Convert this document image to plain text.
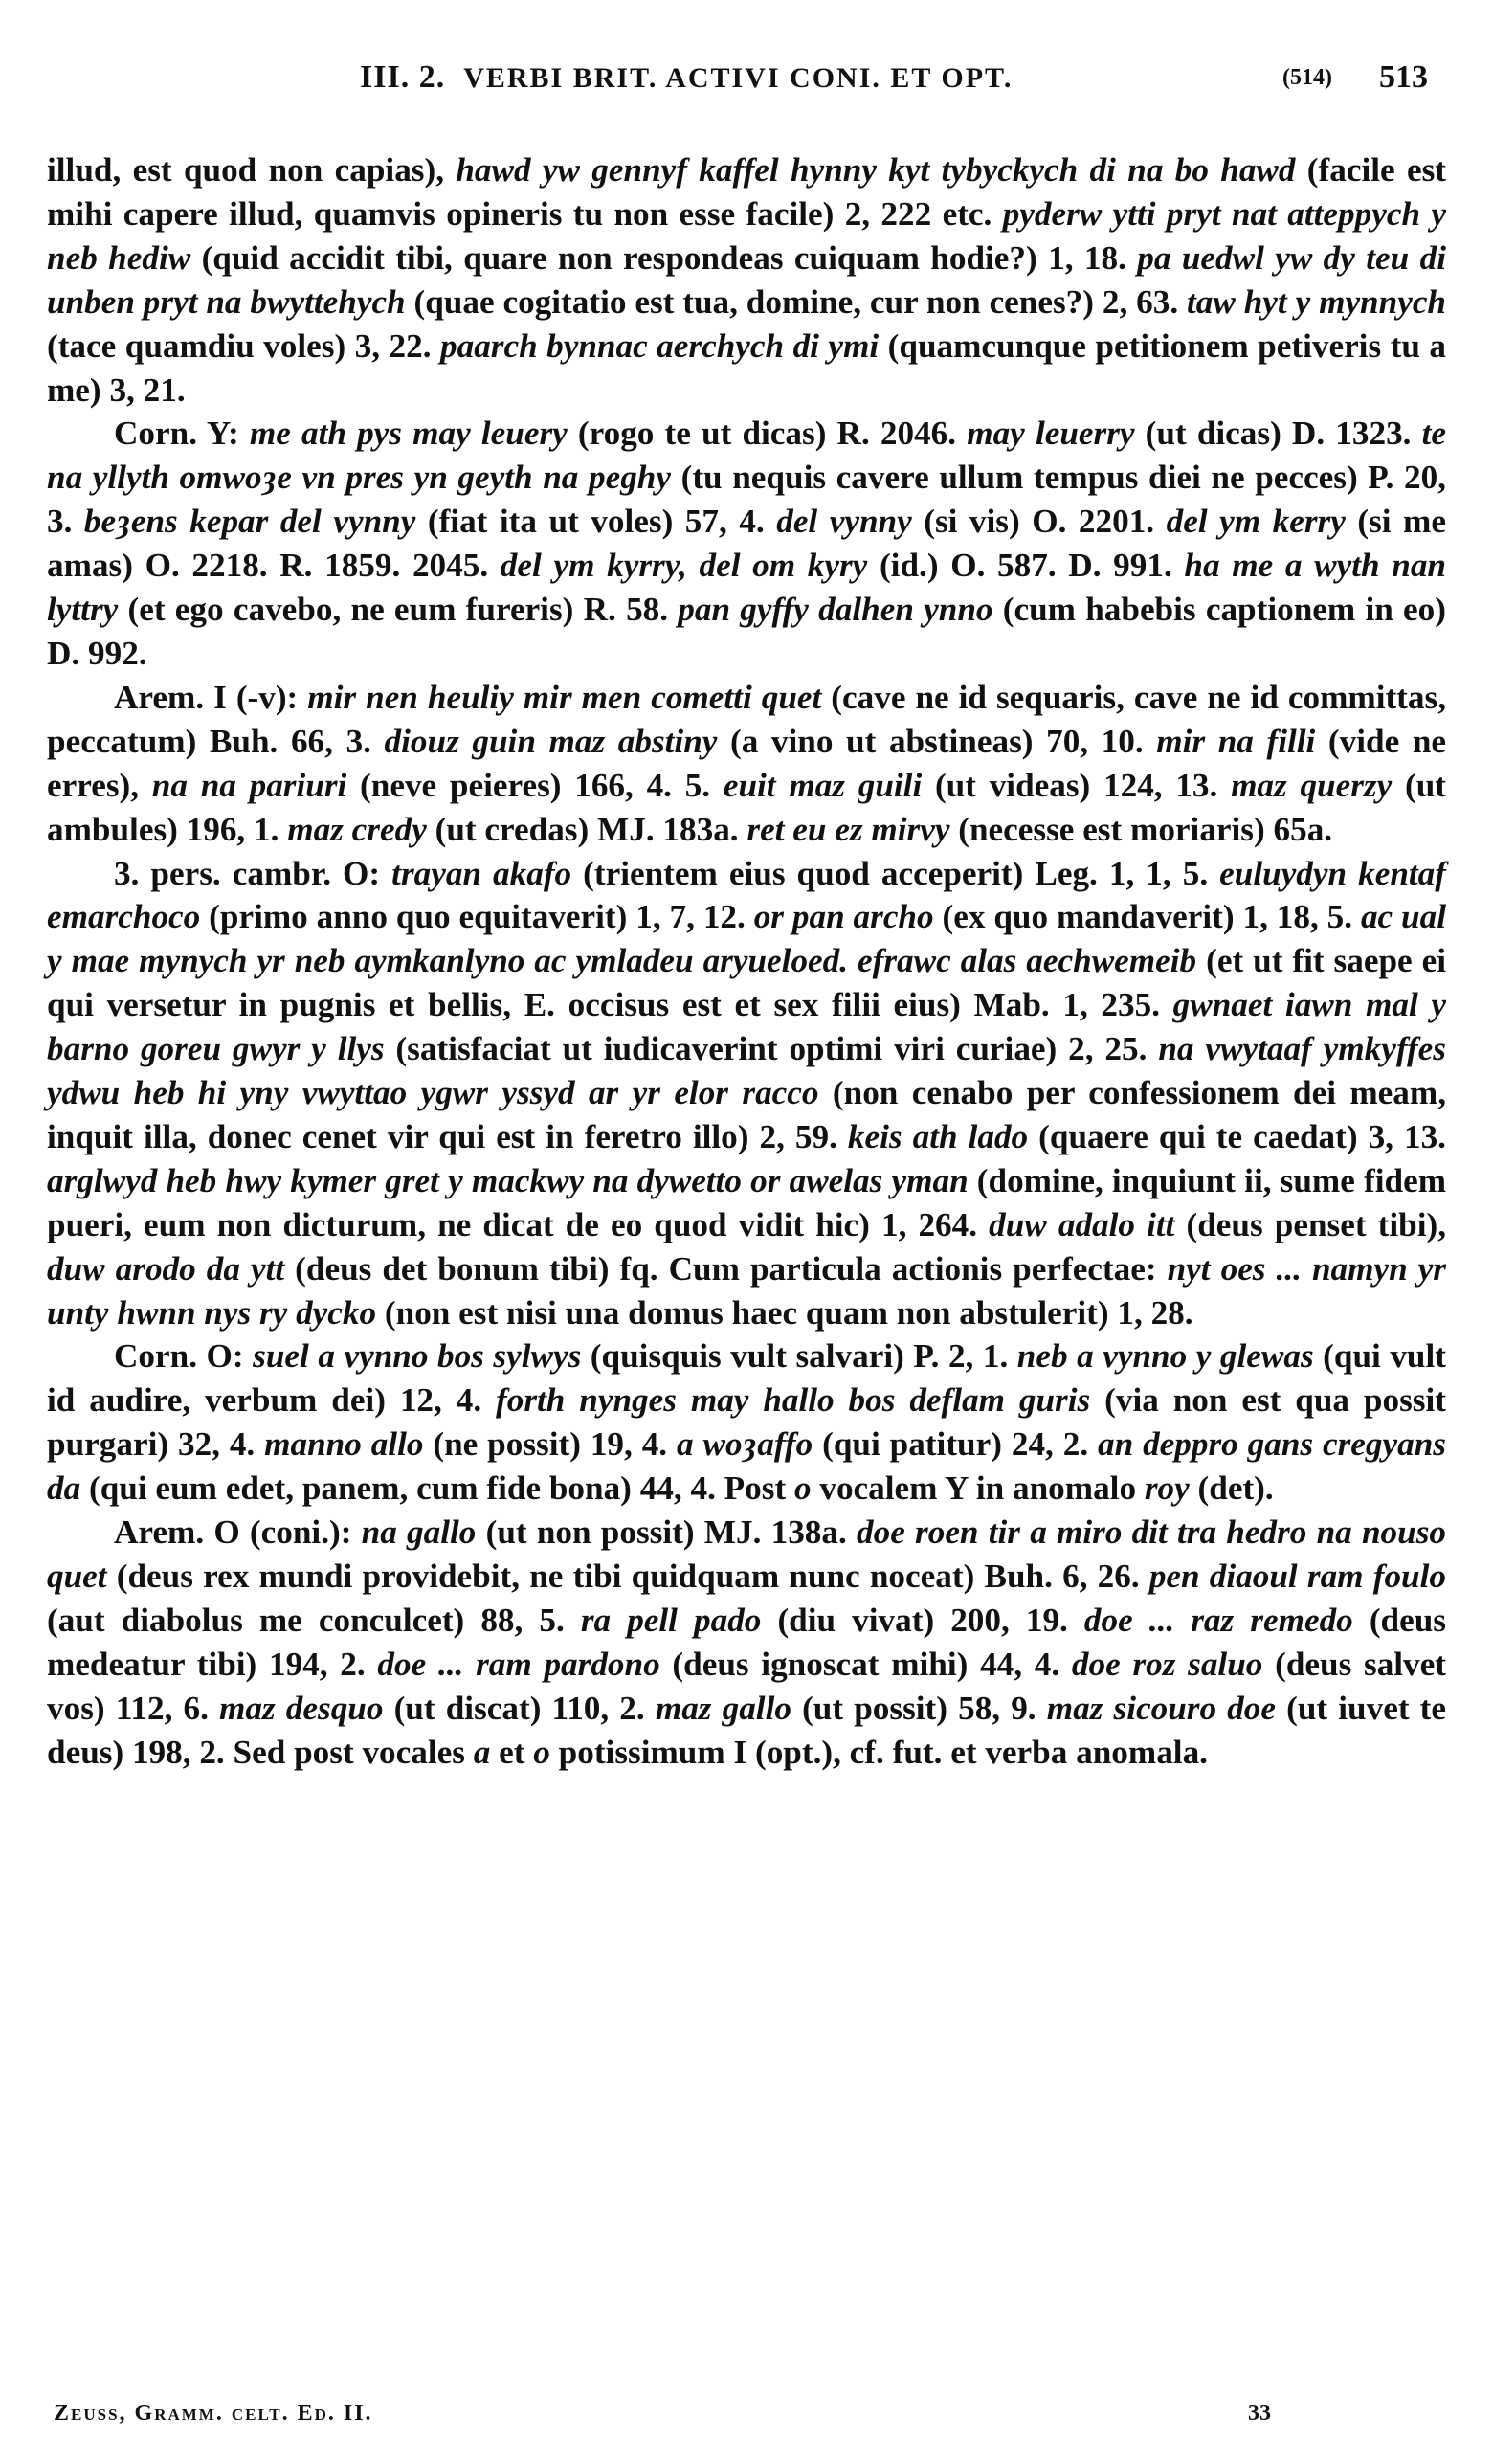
III. 2. VERBI BRIT. ACTIVI CONI. ET OPT.	(514) 513

illud, est quod non capias), hawd yw gennyf kaffel hynny kyt tybyckych di na bo hawd (facile est mihi capere illud, quamvis opineris tu non esse facile) 2, 222 etc. pyderw ytti pryt nat atteppych y neb hediw (quid accidit tibi, quare non respondeas cuiquam hodie?) 1, 18. pa uedwl yw dy teu di unben pryt na bwyttehych (quae cogitatio est tua, domine, cur non cenes?) 2, 63. taw hyt y mynnych (tace quamdiu voles) 3, 22. paarch bynnac aerchych di ymi (quamcunque petitionem petiveris tu a me) 3, 21.

Corn. Y: me ath pys may leuery (rogo te ut dicas) R. 2046. may leuerry (ut dicas) D. 1323. te na yllyth omwoȝe vn pres yn geyth na peghy (tu nequis cavere ullum tempus diei ne pecces) P. 20, 3. beȝens kepar del vynny (fiat ita ut voles) 57, 4. del vynny (si vis) O. 2201. del ym kerry (si me amas) O. 2218. R. 1859. 2045. del ym kyrry, del om kyry (id.) O. 587. D. 991. ha me a wyth nan lyttry (et ego cavebo, ne eum fureris) R. 58. pan gyffy dalhen ynno (cum habebis captionem in eo) D. 992.

Arem. I (-v): mir nen heuliy mir men cometti quet (cave ne id sequaris, cave ne id committas, peccatum) Buh. 66, 3. diouz guin maz abstiny (a vino ut abstineas) 70, 10. mir na filli (vide ne erres), na na pariuri (neve peieres) 166, 4. 5. euit maz guili (ut videas) 124, 13. maz querzy (ut ambules) 196, 1. maz credy (ut credas) MJ. 183a. ret eu ez mirvy (necesse est moriaris) 65a.

3. pers. cambr. O: trayan akafo (trientem eius quod acceperit) Leg. 1, 1, 5. euluydyn kentaf emarchoco (primo anno quo equitaverit) 1, 7, 12. or pan archo (ex quo mandaverit) 1, 18, 5. ac ual y mae mynych yr neb aymkanlyno ac ymladeu aryueloed. efrawc alas aechwemeib (et ut fit saepe ei qui versetur in pugnis et bellis, E. occisus est et sex filii eius) Mab. 1, 235. gwnaet iawn mal y barno goreu gwyr y llys (satisfaciat ut iudicaverint optimi viri curiae) 2, 25. na vwytaaf ymkyffes ydwu heb hi yny vwyttao ygwr yssyd ar yr elor racco (non cenabo per confessionem dei meam, inquit illa, donec cenet vir qui est in feretro illo) 2, 59. keis ath lado (quaere qui te caedat) 3, 13. arglwyd heb hwy kymer gret y mackwy na dywetto or awelas yman (domine, inquiunt ii, sume fidem pueri, eum non dicturum, ne dicat de eo quod vidit hic) 1, 264. duw adalo itt (deus penset tibi), duw arodo da ytt (deus det bonum tibi) fq. Cum particula actionis perfectae: nyt oes ... namyn yr unty hwnn nys ry dycko (non est nisi una domus haec quam non abstulerit) 1, 28.

Corn. O: suel a vynno bos sylwys (quisquis vult salvari) P. 2, 1. neb a vynno y glewas (qui vult id audire, verbum dei) 12, 4. forth nynges may hallo bos deflam guris (via non est qua possit purgari) 32, 4. manno allo (ne possit) 19, 4. a woȝaffo (qui patitur) 24, 2. an deppro gans cregyans da (qui eum edet, panem, cum fide bona) 44, 4. Post o vocalem Y in anomalo roy (det).

Arem. O (coni.): na gallo (ut non possit) MJ. 138a. doe roen tir a miro dit tra hedro na nouso quet (deus rex mundi providebit, ne tibi quidquam nunc noceat) Buh. 6, 26. pen diaoul ram foulo (aut diabolus me conculcet) 88, 5. ra pell pado (diu vivat) 200, 19. doe ... raz remedo (deus medeatur tibi) 194, 2. doe ... ram pardono (deus ignoscat mihi) 44, 4. doe roz saluo (deus salvet vos) 112, 6. maz desquo (ut discat) 110, 2. maz gallo (ut possit) 58, 9. maz sicouro doe (ut iuvet te deus) 198, 2. Sed post vocales a et o potissimum I (opt.), cf. fut. et verba anomala.

Zeuss, Gramm. celt. Ed. II.	33
